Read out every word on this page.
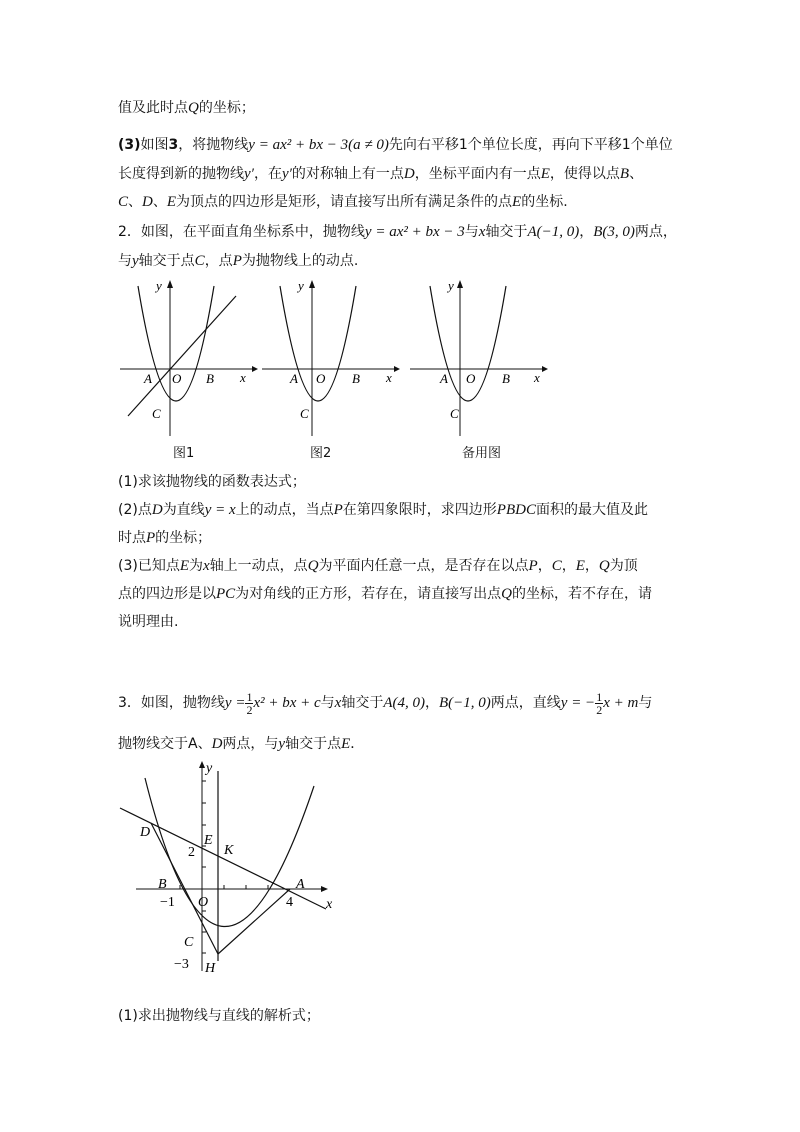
值及此时点Q的坐标；
(3)如图3，将抛物线y = ax² + bx − 3(a ≠ 0)先向右平移1个单位长度，再向下平移1个单位
长度得到新的抛物线y′，在y′的对称轴上有一点D，坐标平面内有一点E，使得以点B、
C、D、E为顶点的四边形是矩形，请直接写出所有满足条件的点E的坐标.
2．如图，在平面直角坐标系中，抛物线y = ax² + bx − 3与x轴交于A(−1, 0)，B(3, 0)两点，
与y轴交于点C，点P为抛物线上的动点.
y
x
A O B
C
图1
y
x
A O B
C
图2
y
x
A O B
C
备用图
(1)求该抛物线的函数表达式；
(2)点D为直线y = x上的动点，当点P在第四象限时，求四边形PBDC面积的最大值及此
时点P的坐标；
(3)已知点E为x轴上一动点，点Q为平面内任意一点，是否存在以点P，C，E，Q为顶
点的四边形是以PC为对角线的正方形，若存在，请直接写出点Q的坐标，若不存在，请
说明理由.
3．如图，抛物线$y = \frac{1}{2} x^2$ + bx + c与x轴交于A(4, 0)，B(−1, 0)两点，直线y = − $\frac{1}{2}$ x + m与
抛物线交于A、D两点，与y轴交于点E．
y
x
D
E
K
2
B
−1 O	4
A
C
−3 H
(1)求出抛物线与直线的解析式；
